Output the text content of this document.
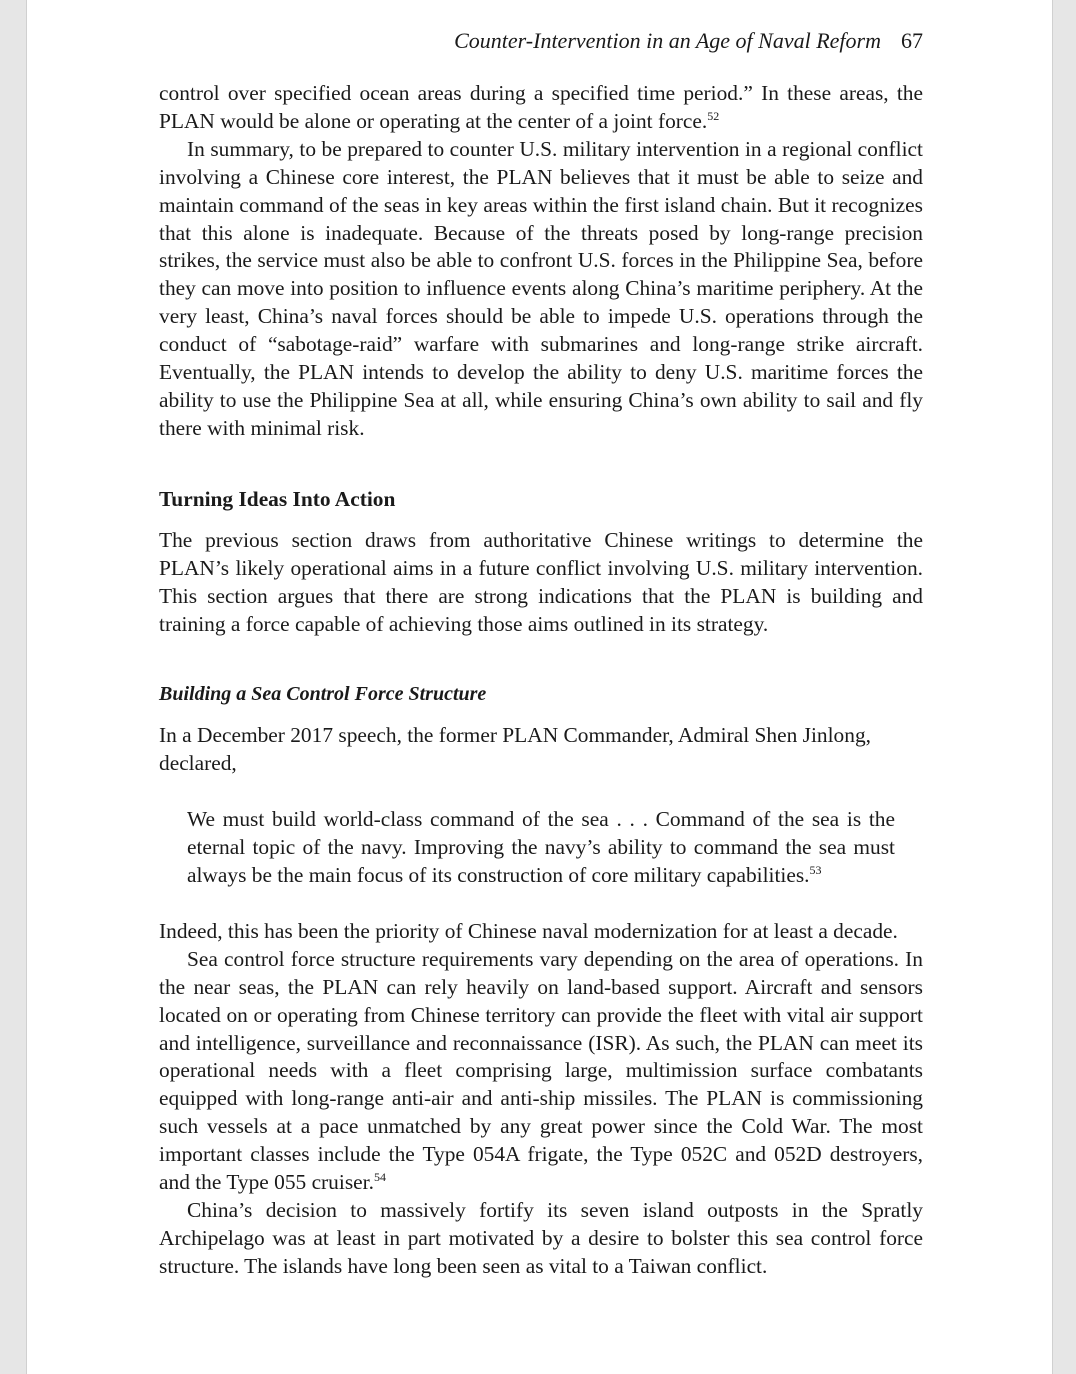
Counter-Intervention in an Age of Naval Reform 67

control over specified ocean areas during a specified time period.” In these areas, the PLAN would be alone or operating at the center of a joint force.$^{52}$

In summary, to be prepared to counter U.S. military intervention in a regional conflict involving a Chinese core interest, the PLAN believes that it must be able to seize and maintain command of the seas in key areas within the first island chain. But it recognizes that this alone is inadequate. Because of the threats posed by long-range precision strikes, the service must also be able to confront U.S. forces in the Philippine Sea, before they can move into position to influence events along China’s maritime periphery. At the very least, China’s naval forces should be able to impede U.S. operations through the conduct of “sabotage-raid” warfare with submarines and long-range strike aircraft. Eventually, the PLAN intends to develop the ability to deny U.S. maritime forces the ability to use the Philippine Sea at all, while ensuring China’s own ability to sail and fly there with minimal risk.

Turning Ideas Into Action

The previous section draws from authoritative Chinese writings to determine the PLAN’s likely operational aims in a future conflict involving U.S. military intervention. This section argues that there are strong indications that the PLAN is building and training a force capable of achieving those aims outlined in its strategy.

Building a Sea Control Force Structure

In a December 2017 speech, the former PLAN Commander, Admiral Shen Jinlong, declared,

We must build world-class command of the sea . . . Command of the sea is the eternal topic of the navy. Improving the navy’s ability to command the sea must always be the main focus of its construction of core military capabilities.$^{53}$

Indeed, this has been the priority of Chinese naval modernization for at least a decade.

Sea control force structure requirements vary depending on the area of operations. In the near seas, the PLAN can rely heavily on land-based support. Aircraft and sensors located on or operating from Chinese territory can provide the fleet with vital air support and intelligence, surveillance and reconnaissance (ISR). As such, the PLAN can meet its operational needs with a fleet comprising large, multimission surface combatants equipped with long-range anti-air and anti-ship missiles. The PLAN is commissioning such vessels at a pace unmatched by any great power since the Cold War. The most important classes include the Type 054A frigate, the Type 052C and 052D destroyers, and the Type 055 cruiser.$^{54}$

China’s decision to massively fortify its seven island outposts in the Spratly Archipelago was at least in part motivated by a desire to bolster this sea control force structure. The islands have long been seen as vital to a Taiwan conflict.
